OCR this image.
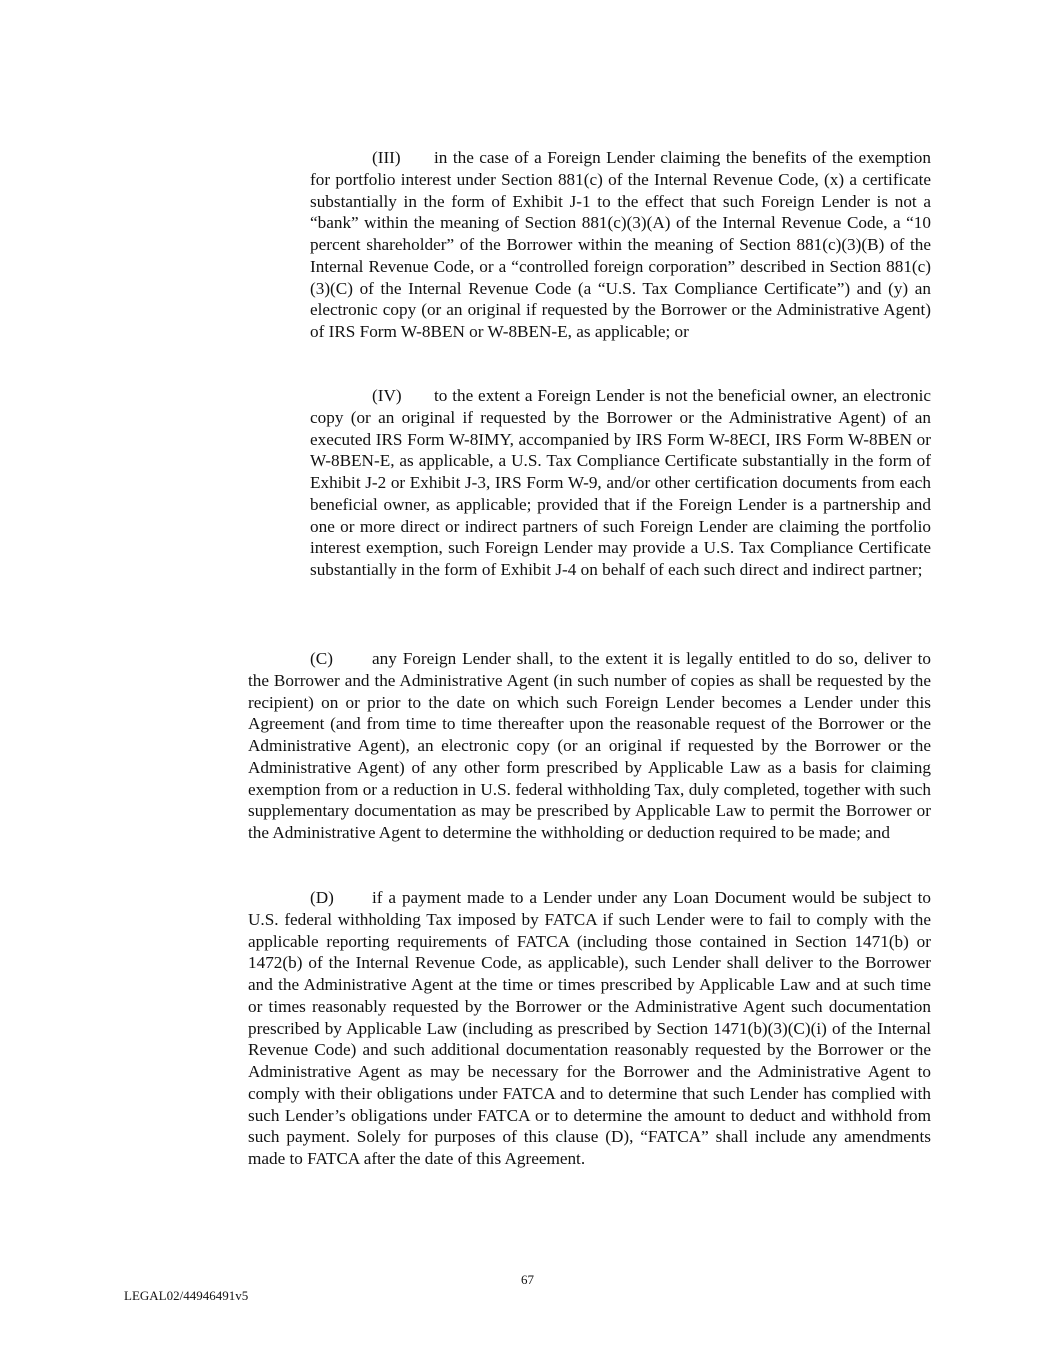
(III) in the case of a Foreign Lender claiming the benefits of the exemption for portfolio interest under Section 881(c) of the Internal Revenue Code, (x) a certificate substantially in the form of Exhibit J-1 to the effect that such Foreign Lender is not a “bank” within the meaning of Section 881(c)(3)(A) of the Internal Revenue Code, a “10 percent shareholder” of the Borrower within the meaning of Section 881(c)(3)(B) of the Internal Revenue Code, or a “controlled foreign corporation” described in Section 881(c)(3)(C) of the Internal Revenue Code (a “U.S. Tax Compliance Certificate”) and (y) an electronic copy (or an original if requested by the Borrower or the Administrative Agent) of IRS Form W-8BEN or W-8BEN-E, as applicable; or

(IV) to the extent a Foreign Lender is not the beneficial owner, an electronic copy (or an original if requested by the Borrower or the Administrative Agent) of an executed IRS Form W-8IMY, accompanied by IRS Form W-8ECI, IRS Form W-8BEN or W-8BEN-E, as applicable, a U.S. Tax Compliance Certificate substantially in the form of Exhibit J-2 or Exhibit J-3, IRS Form W-9, and/or other certification documents from each beneficial owner, as applicable; provided that if the Foreign Lender is a partnership and one or more direct or indirect partners of such Foreign Lender are claiming the portfolio interest exemption, such Foreign Lender may provide a U.S. Tax Compliance Certificate substantially in the form of Exhibit J-4 on behalf of each such direct and indirect partner;

(C) any Foreign Lender shall, to the extent it is legally entitled to do so, deliver to the Borrower and the Administrative Agent (in such number of copies as shall be requested by the recipient) on or prior to the date on which such Foreign Lender becomes a Lender under this Agreement (and from time to time thereafter upon the reasonable request of the Borrower or the Administrative Agent), an electronic copy (or an original if requested by the Borrower or the Administrative Agent) of any other form prescribed by Applicable Law as a basis for claiming exemption from or a reduction in U.S. federal withholding Tax, duly completed, together with such supplementary documentation as may be prescribed by Applicable Law to permit the Borrower or the Administrative Agent to determine the withholding or deduction required to be made; and

(D) if a payment made to a Lender under any Loan Document would be subject to U.S. federal withholding Tax imposed by FATCA if such Lender were to fail to comply with the applicable reporting requirements of FATCA (including those contained in Section 1471(b) or 1472(b) of the Internal Revenue Code, as applicable), such Lender shall deliver to the Borrower and the Administrative Agent at the time or times prescribed by Applicable Law and at such time or times reasonably requested by the Borrower or the Administrative Agent such documentation prescribed by Applicable Law (including as prescribed by Section 1471(b)(3)(C)(i) of the Internal Revenue Code) and such additional documentation reasonably requested by the Borrower or the Administrative Agent as may be necessary for the Borrower and the Administrative Agent to comply with their obligations under FATCA and to determine that such Lender has complied with such Lender’s obligations under FATCA or to determine the amount to deduct and withhold from such payment. Solely for purposes of this clause (D), “FATCA” shall include any amendments made to FATCA after the date of this Agreement.

67
LEGAL02/44946491v5
